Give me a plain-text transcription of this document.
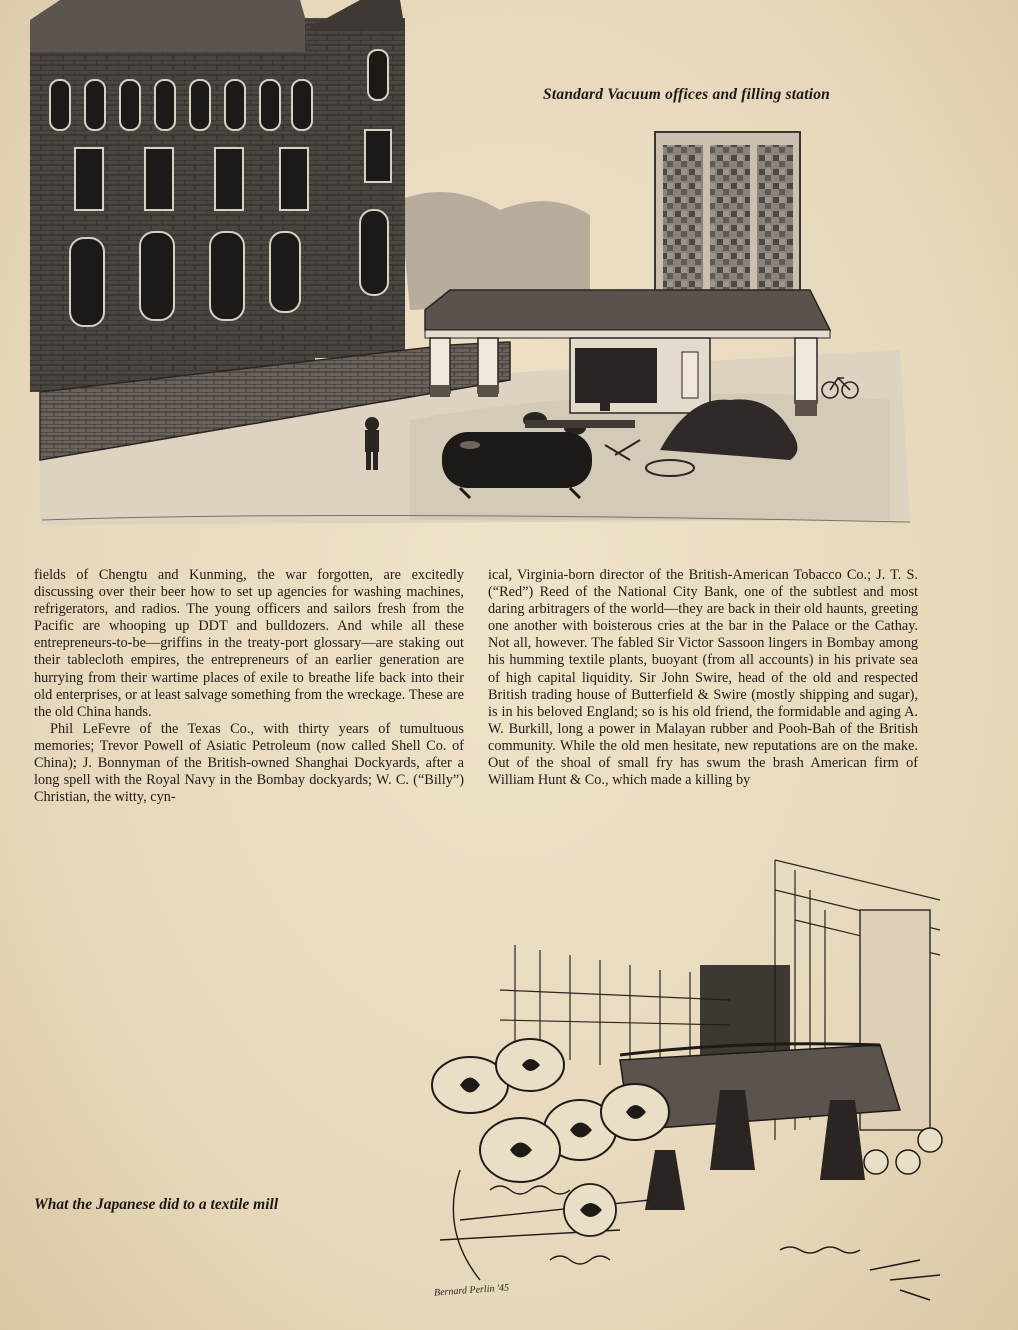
Standard Vacuum offices and filling station

fields of Chengtu and Kunming, the war forgotten, are excitedly discussing over their beer how to set up agencies for washing machines, refrigerators, and radios. The young officers and sailors fresh from the Pacific are whooping up DDT and bulldozers. And while all these entrepreneurs-to-be—griffins in the treaty-port glossary—are staking out their tablecloth empires, the entrepreneurs of an earlier generation are hurrying from their wartime places of exile to breathe life back into their old enterprises, or at least salvage something from the wreckage. These are the old China hands.

Phil LeFevre of the Texas Co., with thirty years of tumultuous memories; Trevor Powell of Asiatic Petroleum (now called Shell Co. of China); J. Bonnyman of the British-owned Shanghai Dockyards, after a long spell with the Royal Navy in the Bombay dockyards; W. C. (“Billy”) Christian, the witty, cyn-

ical, Virginia-born director of the British-American Tobacco Co.; J. T. S. (“Red”) Reed of the National City Bank, one of the subtlest and most daring arbitragers of the world—they are back in their old haunts, greeting one another with boisterous cries at the bar in the Palace or the Cathay. Not all, however. The fabled Sir Victor Sassoon lingers in Bombay among his humming textile plants, buoyant (from all accounts) in his private sea of high capital liquidity. Sir John Swire, head of the old and respected British trading house of Butterfield & Swire (mostly shipping and sugar), is in his beloved England; so is his old friend, the formidable and aging A. W. Burkill, long a power in Malayan rubber and Pooh-Bah of the British community. While the old men hesitate, new reputations are on the make. Out of the shoal of small fry has swum the brash American firm of William Hunt & Co., which made a killing by

What the Japanese did to a textile mill
Bernard Perlin '45
